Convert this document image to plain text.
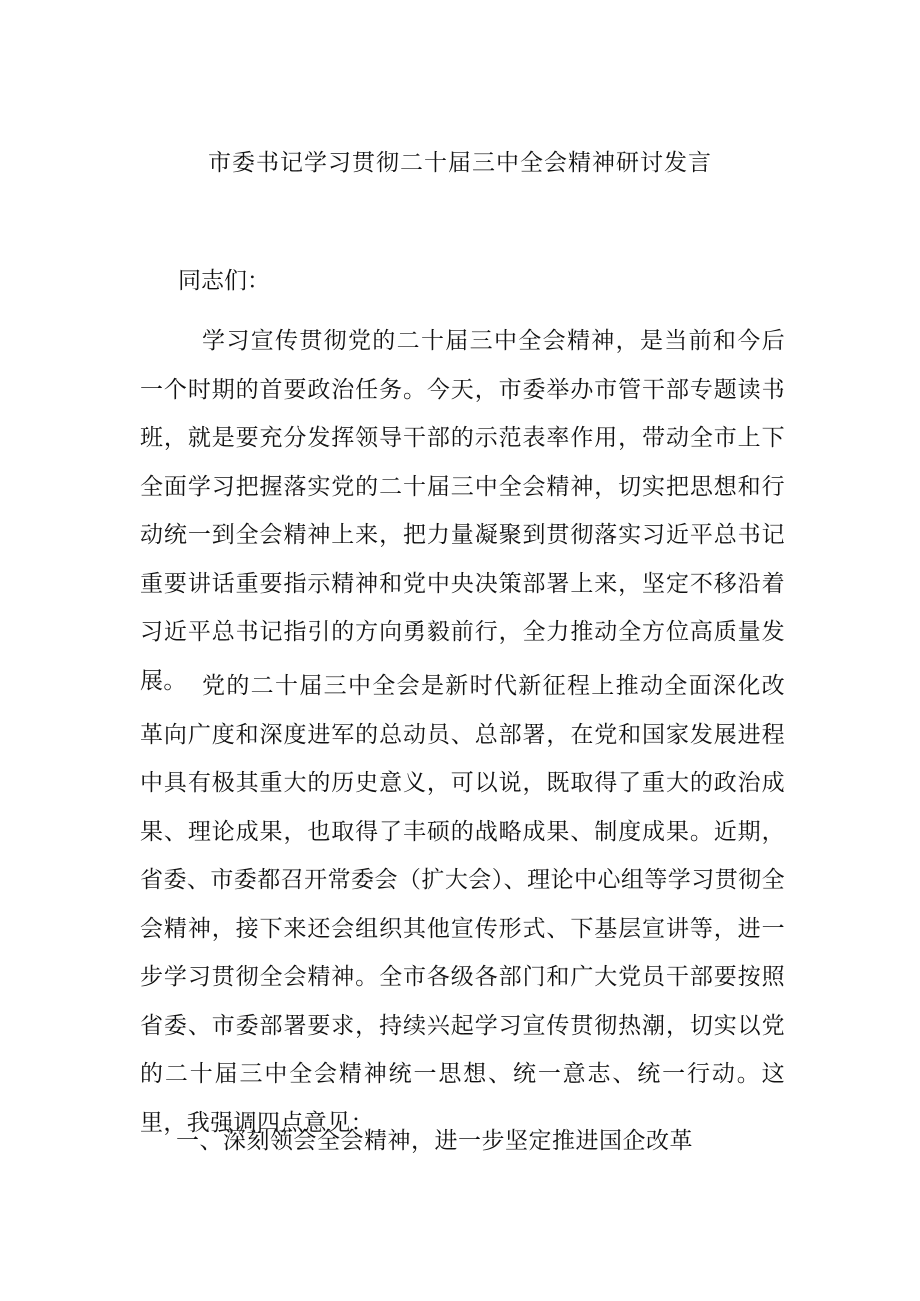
市委书记学习贯彻二十届三中全会精神研讨发言
同志们：

学习宣传贯彻党的二十届三中全会精神，是当前和今后一个时期的首要政治任务。今天，市委举办市管干部专题读书班，就是要充分发挥领导干部的示范表率作用，带动全市上下全面学习把握落实党的二十届三中全会精神，切实把思想和行动统一到全会精神上来，把力量凝聚到贯彻落实习近平总书记重要讲话重要指示精神和党中央决策部署上来，坚定不移沿着习近平总书记指引的方向勇毅前行，全力推动全方位高质量发展。 党的二十届三中全会是新时代新征程上推动全面深化改革向广度和深度进军的总动员、总部署，在党和国家发展进程中具有极其重大的历史意义，可以说，既取得了重大的政治成果、理论成果，也取得了丰硕的战略成果、制度成果。近期，省委、市委都召开常委会（扩大会）、理论中心组等学习贯彻全会精神，接下来还会组织其他宣传形式、下基层宣讲等，进一步学习贯彻全会精神。全市各级各部门和广大党员干部要按照省委、市委部署要求，持续兴起学习宣传贯彻热潮，切实以党的二十届三中全会精神统一思想、统一意志、统一行动。这里，我强调四点意见：

一、深刻领会全会精神，进一步坚定推进国企改革
